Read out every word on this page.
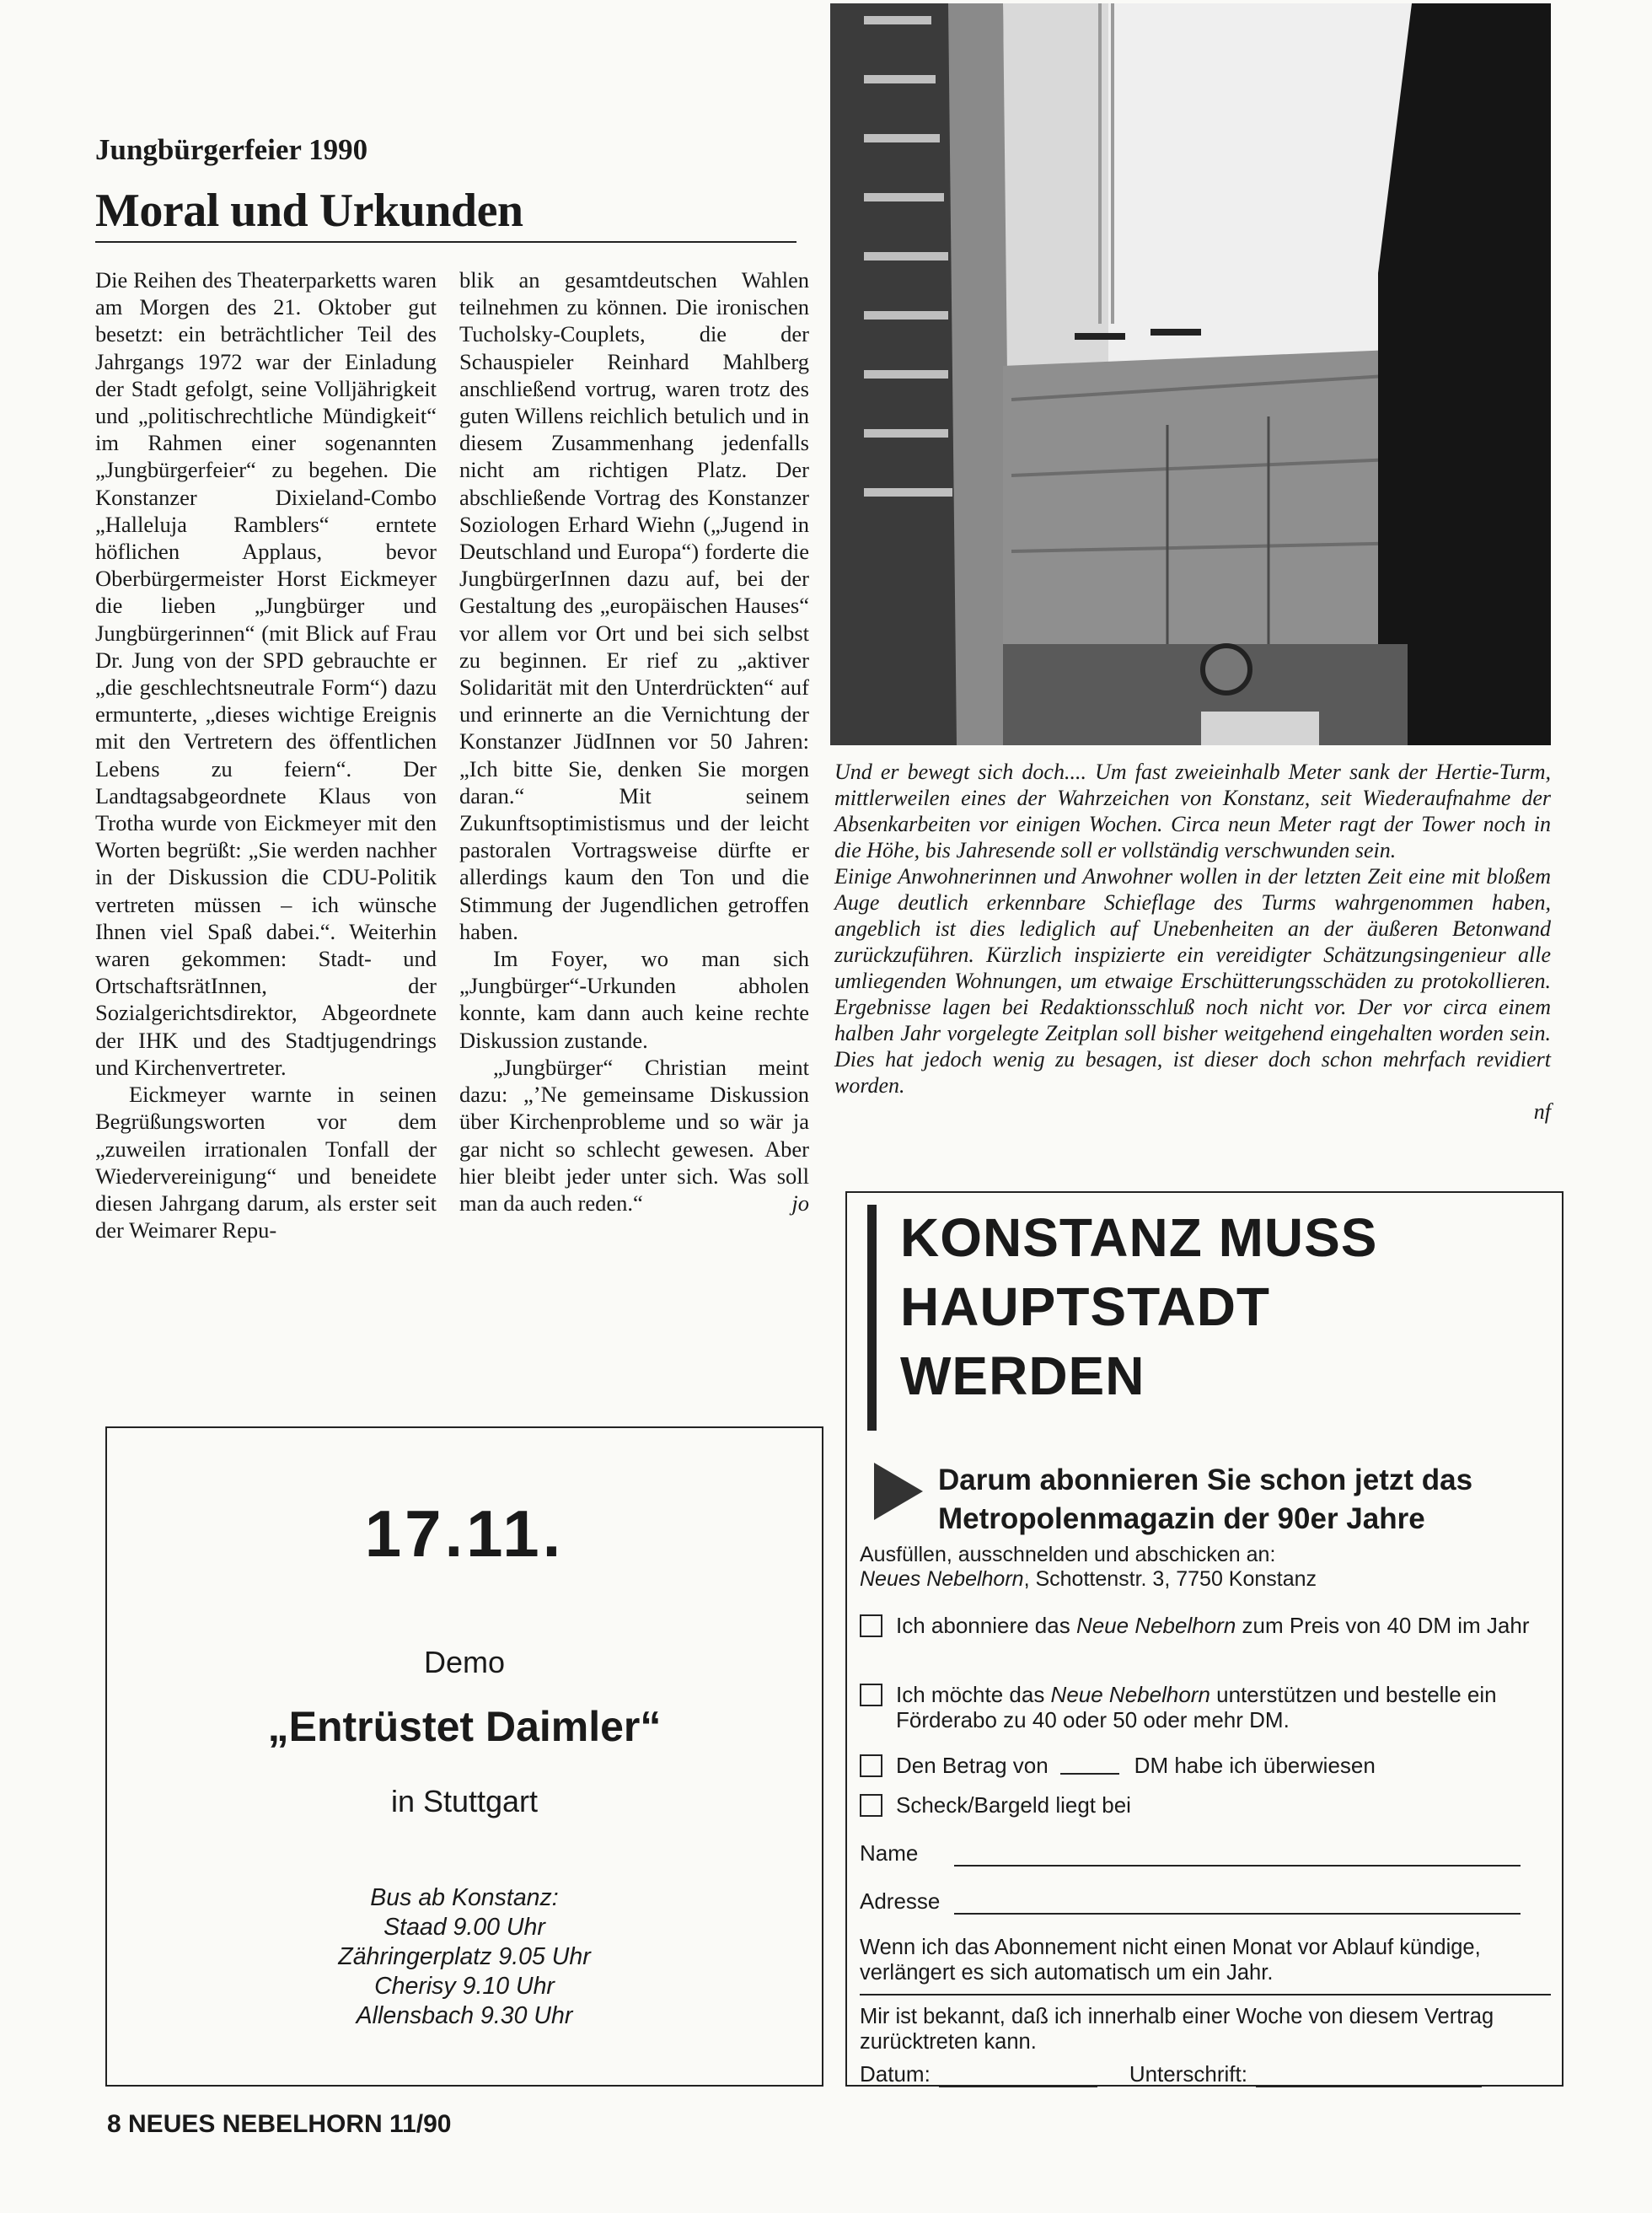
Jungbürgerfeier 1990
Moral und Urkunden

Die Reihen des Theaterparketts waren am Morgen des 21. Oktober gut besetzt: ein beträchtlicher Teil des Jahrgangs 1972 war der Einladung der Stadt gefolgt, seine Volljährigkeit und „politischrechtliche Mündigkeit“ im Rahmen einer sogenannten „Jungbürgerfeier“ zu begehen. Die Konstanzer Dixieland-Combo „Halleluja Ramblers“ erntete höflichen Applaus, bevor Oberbürgermeister Horst Eickmeyer die lieben „Jungbürger und Jungbürgerinnen“ (mit Blick auf Frau Dr. Jung von der SPD gebrauchte er „die geschlechtsneutrale Form“) dazu ermunterte, „dieses wichtige Ereignis mit den Vertretern des öffentlichen Lebens zu feiern“. Der Landtagsabgeordnete Klaus von Trotha wurde von Eickmeyer mit den Worten begrüßt: „Sie werden nachher in der Diskussion die CDU-Politik vertreten müssen – ich wünsche Ihnen viel Spaß dabei.“. Weiterhin waren gekommen: Stadt- und OrtschaftsrätInnen, der Sozialgerichtsdirektor, Abgeordnete der IHK und des Stadtjugendrings und Kirchenvertreter.

Eickmeyer warnte in seinen Begrüßungsworten vor dem „zuweilen irrationalen Tonfall der Wiedervereinigung“ und beneidete diesen Jahrgang darum, als erster seit der Weimarer Repu-

blik an gesamtdeutschen Wahlen teilnehmen zu können. Die ironischen Tucholsky-Couplets, die der Schauspieler Reinhard Mahlberg anschließend vortrug, waren trotz des guten Willens reichlich betulich und in diesem Zusammenhang jedenfalls nicht am richtigen Platz. Der abschließende Vortrag des Konstanzer Soziologen Erhard Wiehn („Jugend in Deutschland und Europa“) forderte die JungbürgerInnen dazu auf, bei der Gestaltung des „europäischen Hauses“ vor allem vor Ort und bei sich selbst zu beginnen. Er rief zu „aktiver Solidarität mit den Unterdrückten“ auf und erinnerte an die Vernichtung der Konstanzer JüdInnen vor 50 Jahren: „Ich bitte Sie, denken Sie morgen daran.“ Mit seinem Zukunftsoptimistismus und der leicht pastoralen Vortragsweise dürfte er allerdings kaum den Ton und die Stimmung der Jugendlichen getroffen haben.

Im Foyer, wo man sich „Jungbürger“-Urkunden abholen konnte, kam dann auch keine rechte Diskussion zustande.

„Jungbürger“ Christian meint dazu: „’Ne gemeinsame Diskussion über Kirchenprobleme und so wär ja gar nicht so schlecht gewesen. Aber hier bleibt jeder unter sich. Was soll man da auch reden.“	jo

Und er bewegt sich doch.... Um fast zweieinhalb Meter sank der Hertie-Turm, mittlerweilen eines der Wahrzeichen von Konstanz, seit Wiederaufnahme der Absenkarbeiten vor einigen Wochen. Circa neun Meter ragt der Tower noch in die Höhe, bis Jahresende soll er vollständig verschwunden sein.

Einige Anwohnerinnen und Anwohner wollen in der letzten Zeit eine mit bloßem Auge deutlich erkennbare Schieflage des Turms wahrgenommen haben, angeblich ist dies lediglich auf Unebenheiten an der äußeren Betonwand zurückzuführen. Kürzlich inspizierte ein vereidigter Schätzungsingenieur alle umliegenden Wohnungen, um etwaige Erschütterungsschäden zu protokollieren. Ergebnisse lagen bei Redaktionsschluß noch nicht vor. Der vor circa einem halben Jahr vorgelegte Zeitplan soll bisher weitgehend eingehalten worden sein. Dies hat jedoch wenig zu besagen, ist dieser doch schon mehrfach revidiert worden.

nf

17.11.
Demo
„Entrüstet Daimler“
in Stuttgart
Bus ab Konstanz:
Staad 9.00 Uhr
Zähringerplatz 9.05 Uhr
Cherisy 9.10 Uhr
Allensbach 9.30 Uhr
KONSTANZ MUSS
HAUPTSTADT
WERDEN
Darum abonnieren Sie schon jetzt das
Metropolenmagazin der 90er Jahre
Ausfüllen, ausschnelden und abschicken an:
Neues Nebelhorn, Schottenstr. 3, 7750 Konstanz
Ich abonniere das Neue Nebelhorn zum Preis von 40 DM im Jahr
Ich möchte das Neue Nebelhorn unterstützen und bestelle ein Förderabo zu 40 oder 50 oder mehr DM.
Den Betrag von	DM habe ich überwiesen
Scheck/Bargeld liegt bei
Name
Adresse
Wenn ich das Abonnement nicht einen Monat vor Ablauf kündige, verlängert es sich automatisch um ein Jahr.
Mir ist bekannt, daß ich innerhalb einer Woche von diesem Vertrag zurücktreten kann.
Datum:	Unterschrift:
8 NEUES NEBELHORN 11/90
